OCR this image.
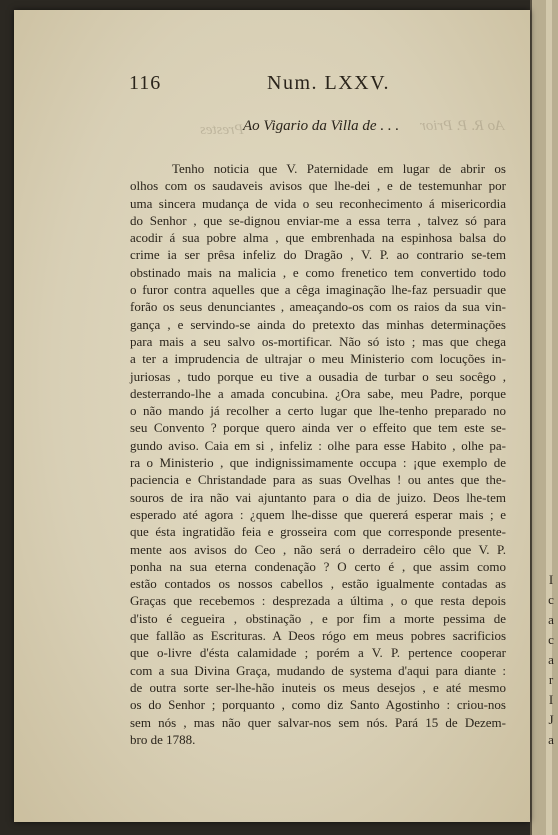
I
c
a
c
a
r
I
J
a
Ao R. P. Prior
Prestes
116	Num. LXXV.
Ao Vigario da Villa de . . .
Tenho noticia que V. Paternidade em lugar de abrir os
olhos com os saudaveis avisos que lhe-dei , e de testemunhar por
uma sincera mudança de vida o seu reconhecimento á misericordia
do Senhor , que se-dignou enviar-me a essa terra , talvez só para
acodir á sua pobre alma , que embrenhada na espinhosa balsa do
crime ia ser prêsa infeliz do Dragão , V. P. ao contrario se-tem
obstinado mais na malicia , e como frenetico tem convertido todo
o furor contra aquelles que a cêga imaginação lhe-faz persuadir que
forão os seus denunciantes , ameaçando-os com os raios da sua vin-
gança , e servindo-se ainda do pretexto das minhas determinações
para mais a seu salvo os-mortificar. Não só isto ; mas que chega
a ter a imprudencia de ultrajar o meu Ministerio com locuções in-
juriosas , tudo porque eu tive a ousadia de turbar o seu socêgo ,
desterrando-lhe a amada concubina. ¿Ora sabe, meu Padre, porque
o não mando já recolher a certo lugar que lhe-tenho preparado no
seu Convento ? porque quero ainda ver o effeito que tem este se-
gundo aviso. Caia em si , infeliz : olhe para esse Habito , olhe pa-
ra o Ministerio , que indignissimamente occupa : ¡que exemplo de
paciencia e Christandade para as suas Ovelhas ! ou antes que the-
souros de ira não vai ajuntanto para o dia de juizo. Deos lhe-tem
esperado até agora : ¿quem lhe-disse que quererá esperar mais ; e
que ésta ingratidão feia e grosseira com que corresponde presente-
mente aos avisos do Ceo , não será o derradeiro cêlo que V. P.
ponha na sua eterna condenação ? O certo é , que assim como
estão contados os nossos cabellos , estão igualmente contadas as
Graças que recebemos : desprezada a última , o que resta depois
d'isto é cegueira , obstinação , e por fim a morte pessima de
que fallão as Escrituras. A Deos rógo em meus pobres sacrificios
que o-livre d'ésta calamidade ; porém a V. P. pertence cooperar
com a sua Divina Graça, mudando de systema d'aqui para diante :
de outra sorte ser-lhe-hão inuteis os meus desejos , e até mesmo
os do Senhor ; porquanto , como diz Santo Agostinho : criou-nos
sem nós , mas não quer salvar-nos sem nós. Pará 15 de Dezem-
bro de 1788.
